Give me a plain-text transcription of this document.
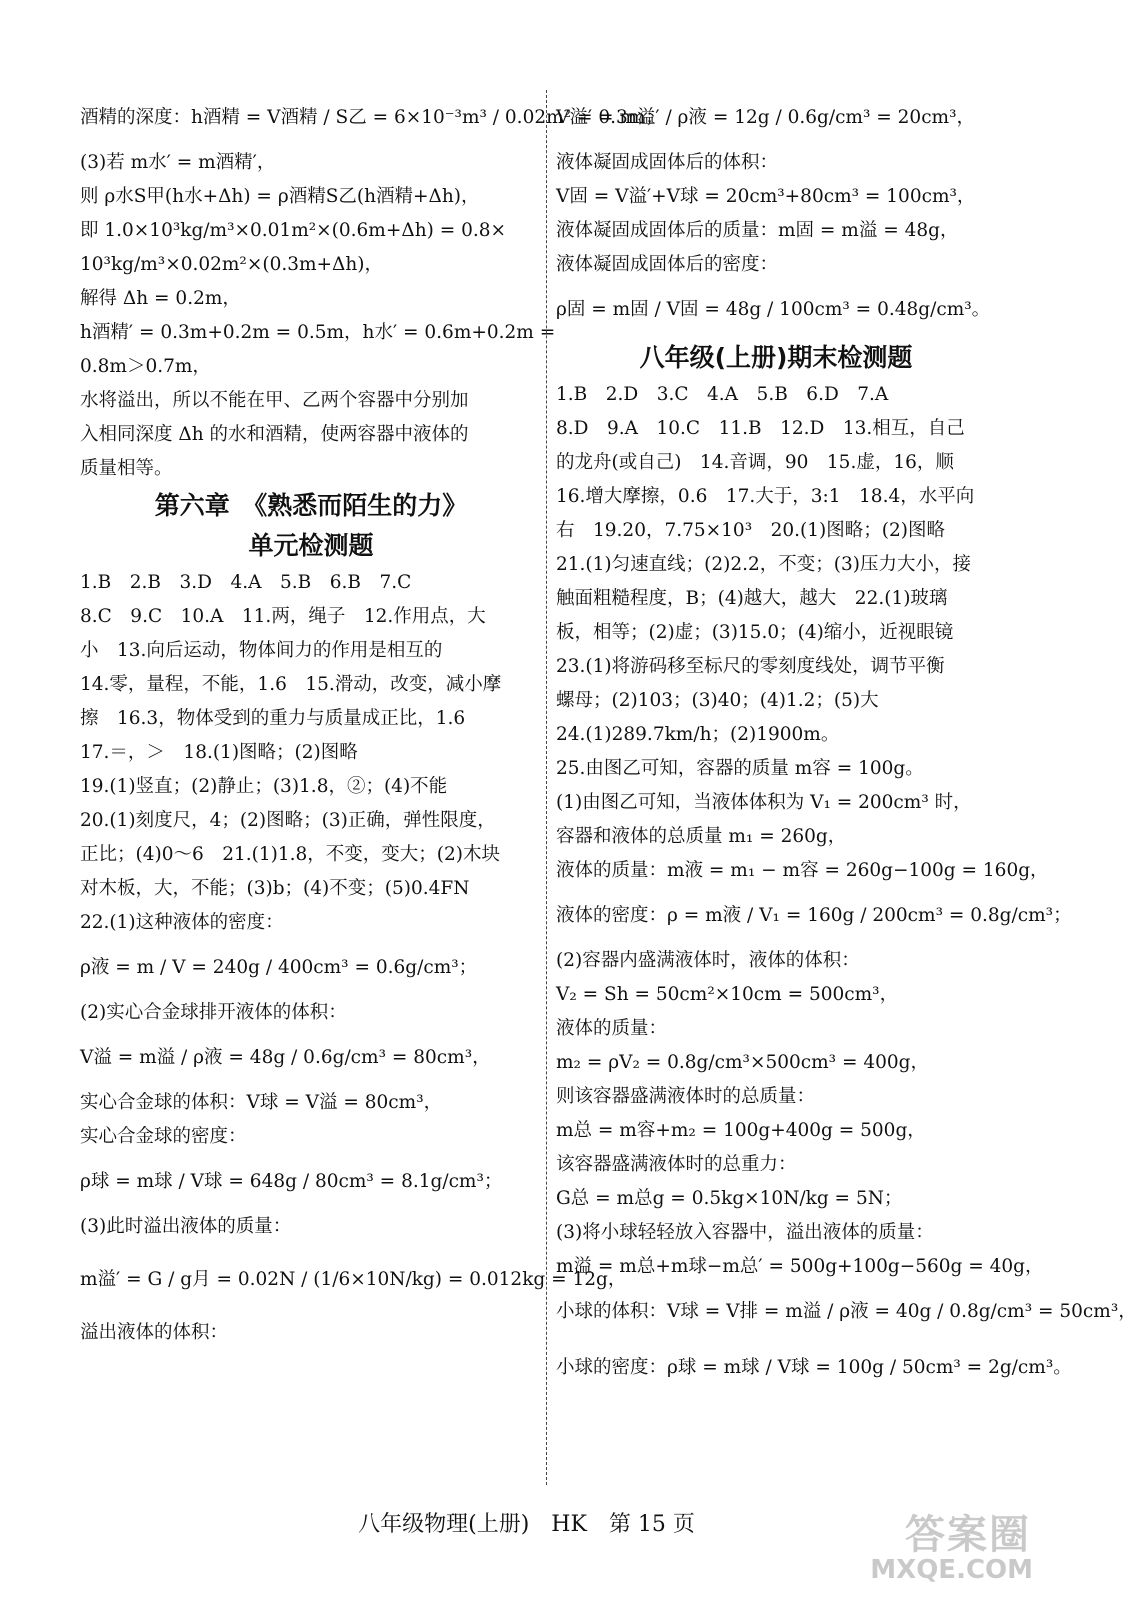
酒精的深度：h酒精 = V酒精 / S乙 = 6×10⁻³m³ / 0.02m² = 0.3m；
(3)若 m水′ = m酒精′，
则 ρ水S甲(h水+Δh) = ρ酒精S乙(h酒精+Δh)，
即 1.0×10³kg/m³×0.01m²×(0.6m+Δh) = 0.8×
10³kg/m³×0.02m²×(0.3m+Δh)，
解得 Δh = 0.2m，
h酒精′ = 0.3m+0.2m = 0.5m，h水′ = 0.6m+0.2m =
0.8m＞0.7m，
水将溢出，所以不能在甲、乙两个容器中分别加
入相同深度 Δh 的水和酒精，使两容器中液体的
质量相等。
第六章　《熟悉而陌生的力》
单元检测题
1.B　2.B　3.D　4.A　5.B　6.B　7.C
8.C　9.C　10.A　11.两，绳子　12.作用点，大
小　13.向后运动，物体间力的作用是相互的
14.零，量程，不能，1.6　15.滑动，改变，减小摩
擦　16.3，物体受到的重力与质量成正比，1.6
17.＝，＞　18.(1)图略；(2)图略
19.(1)竖直；(2)静止；(3)1.8，②；(4)不能
20.(1)刻度尺，4；(2)图略；(3)正确，弹性限度，
正比；(4)0～6　21.(1)1.8，不变，变大；(2)木块
对木板，大，不能；(3)b；(4)不变；(5)0.4FN
22.(1)这种液体的密度：
ρ液 = m / V = 240g / 400cm³ = 0.6g/cm³；
(2)实心合金球排开液体的体积：
V溢 = m溢 / ρ液 = 48g / 0.6g/cm³ = 80cm³，
实心合金球的体积：V球 = V溢 = 80cm³，
实心合金球的密度：
ρ球 = m球 / V球 = 648g / 80cm³ = 8.1g/cm³；
(3)此时溢出液体的质量：
m溢′ = G / g月 = 0.02N / (1/6×10N/kg) = 0.012kg = 12g，
溢出液体的体积：
V溢′ = m溢′ / ρ液 = 12g / 0.6g/cm³ = 20cm³，
液体凝固成固体后的体积：
V固 = V溢′+V球 = 20cm³+80cm³ = 100cm³，
液体凝固成固体后的质量：m固 = m溢 = 48g，
液体凝固成固体后的密度：
ρ固 = m固 / V固 = 48g / 100cm³ = 0.48g/cm³。
八年级(上册)期末检测题
1.B　2.D　3.C　4.A　5.B　6.D　7.A
8.D　9.A　10.C　11.B　12.D　13.相互，自己
的龙舟(或自己)　14.音调，90　15.虚，16，顺
16.增大摩擦，0.6　17.大于，3:1　18.4，水平向
右　19.20，7.75×10³　20.(1)图略；(2)图略
21.(1)匀速直线；(2)2.2，不变；(3)压力大小，接
触面粗糙程度，B；(4)越大，越大　22.(1)玻璃
板，相等；(2)虚；(3)15.0；(4)缩小，近视眼镜
23.(1)将游码移至标尺的零刻度线处，调节平衡
螺母；(2)103；(3)40；(4)1.2；(5)大
24.(1)289.7km/h；(2)1900m。
25.由图乙可知，容器的质量 m容 = 100g。
(1)由图乙可知，当液体体积为 V₁ = 200cm³ 时，
容器和液体的总质量 m₁ = 260g，
液体的质量：m液 = m₁ − m容 = 260g−100g = 160g，
液体的密度：ρ = m液 / V₁ = 160g / 200cm³ = 0.8g/cm³；
(2)容器内盛满液体时，液体的体积：
V₂ = Sh = 50cm²×10cm = 500cm³，
液体的质量：
m₂ = ρV₂ = 0.8g/cm³×500cm³ = 400g，
则该容器盛满液体时的总质量：
m总 = m容+m₂ = 100g+400g = 500g，
该容器盛满液体时的总重力：
G总 = m总g = 0.5kg×10N/kg = 5N；
(3)将小球轻轻放入容器中，溢出液体的质量：
m溢 = m总+m球−m总′ = 500g+100g−560g = 40g，
小球的体积：V球 = V排 = m溢 / ρ液 = 40g / 0.8g/cm³ = 50cm³，
小球的密度：ρ球 = m球 / V球 = 100g / 50cm³ = 2g/cm³。
八年级物理(上册)　HK　第 15 页	答案圈
MXQE.COM
